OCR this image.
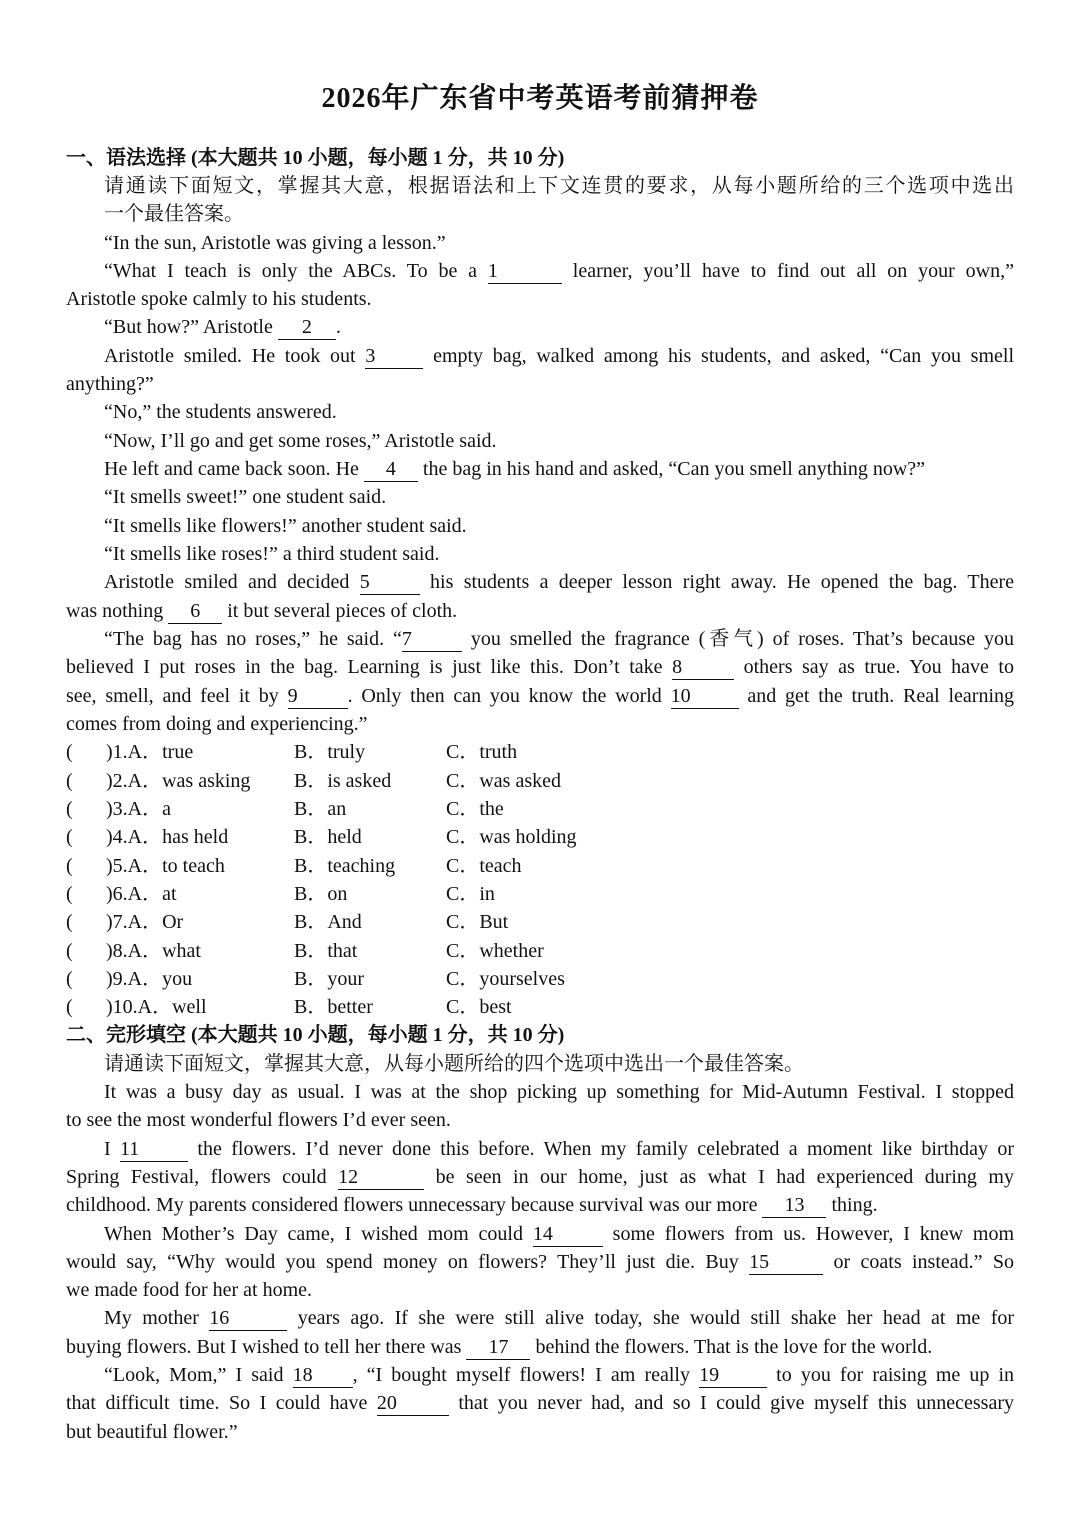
2026年广东省中考英语考前猜押卷
一、语法选择 (本大题共 10 小题，每小题 1 分，共 10 分)
请通读下面短文，掌握其大意，根据语法和上下文连贯的要求，从每小题所给的三个选项中选出
一个最佳答案。
“In the sun, Aristotle was giving a lesson.”
“What I teach is only the ABCs. To be a 1	learner, you’ll have to find out all on your own,”
Aristotle spoke calmly to his students.
“But how?” Aristotle 2 .
Aristotle smiled. He took out 3	empty bag, walked among his students, and asked, “Can you smell
anything?”
“No,” the students answered.
“Now, I’ll go and get some roses,” Aristotle said.
He left and came back soon. He 4 the bag in his hand and asked, “Can you smell anything now?”
“It smells sweet!” one student said.
“It smells like flowers!” another student said.
“It smells like roses!” a third student said.
Aristotle smiled and decided 5	his students a deeper lesson right away. He opened the bag. There
was nothing 6 it but several pieces of cloth.
“The bag has no roses,” he said. “7	you smelled the fragrance (香气) of roses. That’s because you
believed I put roses in the bag. Learning is just like this. Don’t take 8	others say as true. You have to
see, smell, and feel it by 9	. Only then can you know the world 10	and get the truth. Real learning
comes from doing and experiencing.”
( )1.A．true	B．truly	C．truth
( )2.A．was asking B．is asked	C．was asked
( )3.A．a	B．an	C．the
( )4.A．has held	B．held	C．was holding
( )5.A．to teach	B．teaching	C．teach
( )6.A．at	B．on	C．in
( )7.A．Or	B．And	C．But
( )8.A．what	B．that	C．whether
( )9.A．you	B．your	C．yourselves
( )10.A．well	B．better	C．best
二、完形填空 (本大题共 10 小题，每小题 1 分，共 10 分)
请通读下面短文，掌握其大意，从每小题所给的四个选项中选出一个最佳答案。
It was a busy day as usual. I was at the shop picking up something for Mid-Autumn Festival. I stopped
to see the most wonderful flowers I’d ever seen.
I 11	the flowers. I’d never done this before. When my family celebrated a moment like birthday or
Spring Festival, flowers could 12	be seen in our home, just as what I had experienced during my
childhood. My parents considered flowers unnecessary because survival was our more 13 thing.
When Mother’s Day came, I wished mom could 14	some flowers from us. However, I knew mom
would say, “Why would you spend money on flowers? They’ll just die. Buy 15	or coats instead.” So
we made food for her at home.
My mother 16	years ago. If she were still alive today, she would still shake her head at me for
buying flowers. But I wished to tell her there was 17 behind the flowers. That is the love for the world.
“Look, Mom,” I said 18 , “I bought myself flowers! I am really 19	to you for raising me up in
that difficult time. So I could have 20	that you never had, and so I could give myself this unnecessary
but beautiful flower.”
